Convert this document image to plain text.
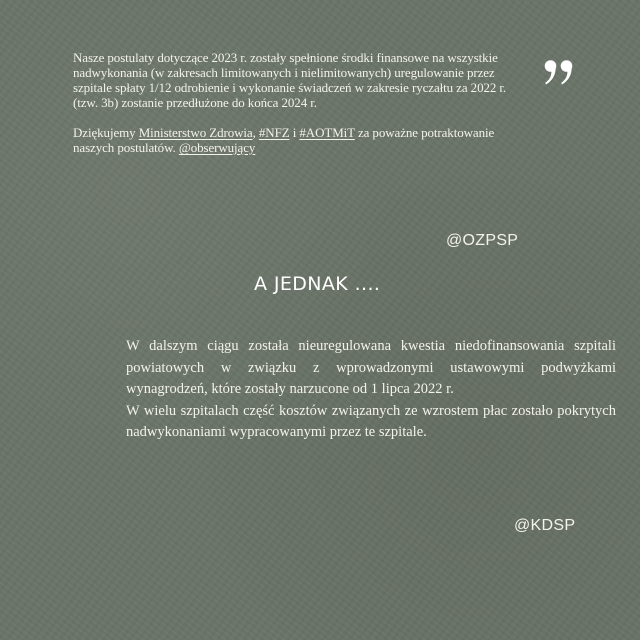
Nasze postulaty dotyczące 2023 r. zostały spełnione środki finansowe na wszystkie nadwykonania (w zakresach limitowanych i nielimitowanych) uregulowanie przez szpitale spłaty 1/12 odrobienie i wykonanie świadczeń w zakresie ryczałtu za 2022 r. (tzw. 3b) zostanie przedłużone do końca 2024 r.

Dziękujemy Ministerstwo Zdrowia, #NFZ i #AOTMiT za poważne potraktowanie naszych postulatów. @obserwujący

@OZPSP
A JEDNAK ....

W dalszym ciągu została nieuregulowana kwestia niedofinansowania szpitali powiatowych w związku z wprowadzonymi ustawowymi podwyżkami wynagrodzeń, które zostały narzucone od 1 lipca 2022 r.

W wielu szpitalach część kosztów związanych ze wzrostem płac zostało pokrytych nadwykonaniami wypracowanymi przez te szpitale.

@KDSP
